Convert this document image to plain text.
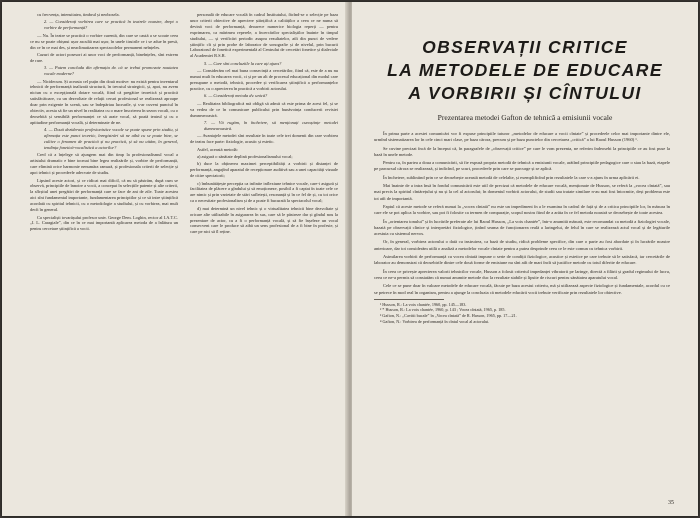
cu frecvența, intensitatea, timbrul și neobosela.

2. — Considerați vorbirea care se practică în teatrele noastre, drept o vorbire de performanță?

— Nu. În teatre se practică o vorbire curentă, din care se caută a se scoate ceea ce nu se poate obișnui ușor ascultă mai ușor, în unele tiruirile ce i se adue în presă, din ce în ce mai des, și neaclimatizarea spectacolelor permanent neînțeles.

Cazuri de actori posesori ai unor voci de performanță, bineînțeles, sînt extrem de rare.

3. — Putem concluda din afirmația dv. că se trebui promovate noutatea vocale moderne?

— Nicidecum. Și aceasta cel puțin din două motive: nu există pentru inventarul tehnicii de performanță inalizată structurii, în trecutul strategicii, și, apoi, nu avem niciun cu o excepțională dotare vocală, fiind că pregătire teoretică și practică satisfăcătoare, cu un dezvoltate de relații ceruri profesional se realizează aproape doar prin exigente în scenă, sau se îndepărtau lucrurile, și s-ar cuveni punctul în obiectiv, acesta să fie un nivel în realitatea cu o mare înscrierea în sezon vocali, cu o deosebită și sensibilă performanței ce să arate vocal, să poată teatrul și cu o aptitudine performanță vocală, și determinate de ne.

4. — Două deziderata profesionistice vocale se poate spune prin studiu, și afirmația este punct teoretic, înregistrări să ne aibă cu se poate bine, se cultive o fenomen de practică și nu practică, și să nu uităm, în general, tendința fonetică-vocalistică a actorilor?

Cred că a înțelege să ajungem mai din timp la profesionalismul vocal a artistului dramatic e bine tocmai bine legea realizările și, vorbire de performanță, care elimină orice harmonie nenumăra ramură, și profesionala criterii de selecție și apoi tehnici și procedeele adecvate de studiu.

Lipsind aceste actori, și ce ridicat mai dificil, că nu să păstrăm, după cum se observă, principiile de înnoire a vocii, a conceput în selecțiile patente și alte criterii, la sfîrșitul unei pregătiri de performanță care se face de ani de zile. Toate acestea aici sînt fundamental importante, fundamentarea principiilor și ce să intre științifică acordată cu spiritul tehnicii, cu o metodologie a studiului, și cu vorbirea, mai mult decît în general.

Ca specialiști tovarășului profesor univ. George Dem. Loghin, rector al I.A.T.C. „I. L. Caragiale”, din ce în ce mai importantă aplicarea metoda de a înlătura un pentru cercetare științifică a vocii.

personală de educare vocală în cadrul Institutului, făcînd-se o selecție pe baza unor criterii obiective de apreciere științifică a calităților a ceea ce ne numa să devină voci de performanță, deoarece numerice biologia reperți — pentru exprimarea, ca mărimea reperele, a încercărilor specialiștilor înainte în timpul studiului, — și verificări periodic asupra rezultatelor, atît din punct de vedere științific cît și prin probe de laborator de sonografie și de nivelul, prin bucurii Laboratorul de fonetică experimentală al Centrului de cercetări fonetice și dialectale al Academiei R.S.R.

5. — Care sînt concluziile la care ați ajuns?

— Considerăm cel mai buna consecință a cercetărilor, fiind că, este de a nu nu numai mult în educarea vocii, ci și pe un alt de procesul educațional din modul care presupune o metodă, tehnică, procedee și verificarea științifică a performanțelor practice, cu o aprecierea în practică a vorbirii actorului.

6. — Considerați metoda dv. unică?

— Realitatea bibliografică mă obligă să admit că este prima de acest fel, și se va vedea de ce în comunicare publicului prin bunăvoința conducerii revistei dumneavoastră.

7. — Vă rugăm, în încheiere, să menționați cunoștințe metodei dumneavoastră.

— Avantajele metodei sînt rezultate în toate cele trei domenii din care vorbirea de teatru face parte: fiziologie, acustic și estetic.

Astfel, această metodă:

a) asigură o sănătate deplină profesionalismului vocal;

b) duce la obținerea maximei perceptibilități a vorbirii și distanței de performanță, angajînd aparatul de recepționare auditivă sau a unei capacități vizuale de citire spectatorii;

c) îmbunătățește percepția ca infinite inflexiune tehnice vocale, care-i asigură și facilitatea de plăcere a gîndului și să emoționeze, posibil a fi captat în toate cele ce are nimic și prin varietate de stări sufletești, resonanță și în ce fel de și, cu tot orice ca o necesitate profesionalism și de a poate fi bucurată la spectacolul vocal;

d) mai determină un nivel tehnic și o virtualitatea tehnicii bine dezvoltate și oricare alte utilizabile în asigurarea în sus, care să le păstreze dar și gîndul nou la prezentare de actor, cu a fi o performanță vocală, și să fie înșeleze un vocal consecvent care le produce să aibă un sens profesional de a fi bine în profesie, și care pe nici să îl reține.

OBSERVAȚII CRITICE
LA METODELE DE EDUCARE
A VORBIRII ȘI CÎNTULUI

Prezentarea metodei Gafton de tehnică a emisiunii vocale

În prima parte a acestei comunicări vor fi expuse principiile tuturor „metodelor de educare a vocii cîntate” și procedeele celor mai importante dintre ele, urmînd sistematizarea lor în cele cinci mari clase, pe baza cărora, precum și pe baza punctelor din cercetarea „critică” a lui Raoul Husson (1960) ¹.

Se cuvine precizat încă de la început că, în paragrafele de „observații critice” pe care le vom prezenta, ne referim îndeosebi la principiile ce au fost puse la bază în unele metode.

Pentru ca, în partea a doua a comunicării, să fie expusă propria metodă de tehnică a emisiunii vocale, arătînd principiile pedagogice care o stau la bază, etapele pe parcursul cărora se realizează, și indicînd, pe scurt, procedeele prin care se parcurge și se aplică.

În încheiere, subliniind prin ce se deosebește această metodă de celelalte, și exemplificînd prin rezultatele la care s-a ajuns în urma aplicării ei.

Mai înainte de a intra însă în fondul comunicării este util de precizat că metodele de educare vocală, menționate de Husson, se referă la „vocea cîntată”, sau mai precis la spiritul cîntărețului și nu și la cel al actorului; în domeniul vorbirii actorului, de studii sau tratate similare n-au mai fost întocmite, deși problema este tot atît de importantă.

Faptul că aceste metode se referă numai la „vocea cîntată” nu este un impediment în a le examina în cadrul de față și de a critica principiile lor, în măsura în care ele se pot aplica la vorbire, sau pot fi folosite ca termen de comparație, scopul nostru fiind de a arăta în ce fel metoda noastră se deosebește de toate acestea.

În „orientarea tonului” și în lucrările preferate ale lui Raoul Husson, „La voix chantée”, într-o anumită măsură, este recomandat ca metodă a fiziologiei vocale, bazată pe observații clinice și interpretări fiziologice, ținînd seama de funcționarea reală a laringelui, de felul în care se realizează actul vocal și de legăturile acestuia cu sistemul nervos.

Or, în general, vorbirea actorului o dată cu instruirea, ca bază de studiu, ridică probleme specifice, din care o parte au fost abordate și în lucrările noastre anterioare, dar tot considerăm utilă o analiză a metodelor vocale cîntate pentru a putea desprinde ceea ce le este comun cu tehnica vorbirii.

Asimilarea vorbirii de performanță cu vocea cîntată impune o serie de condiții fiziologice, acustice și estetice pe care trebuie să le satisfacă, iar cercetările de laborator au demonstrat că deosebirile dintre cele două forme de emisiune nu sînt atît de mari încît să justifice metode cu totul diferite de educare.

În ceea ce privește aprecierea valorii tehnicilor vocale, Husson a folosit criteriul impedanței vibratorii pe laringe, directă a filării și gradul regimului de lucru, ceea ce ne-a permis să constatăm că numai anumite metode duc la rezultate stabile și lipsite de riscuri pentru sănătatea aparatului vocal.

Cele ce se pune doar în valoare metodele de educare vocală, făcute pe baza acestui criteriu, mă și utilizează aspecte fiziologice și fundamentale, acordul cu ce se petrece în mod real în organism, pentru a ajunge la concluzia că metodele educării vocii trebuie verificate prin rezultatele lor obiective.

¹ Husson, R.: La voix chantée, 1960, pp. 145—183.

² * Husson, R.: La voix chantée, 1960, p. 143 ; Vocea cîntată, 1965, p. 185.

³ Gafton, N.: „Cavitii bucale” în „Vocea cîntată” de R. Husson, 1965, pp. 17—21.

⁴ Gafton, N.: Vorbirea de performanță în cîntul vocal al actorului.

35
